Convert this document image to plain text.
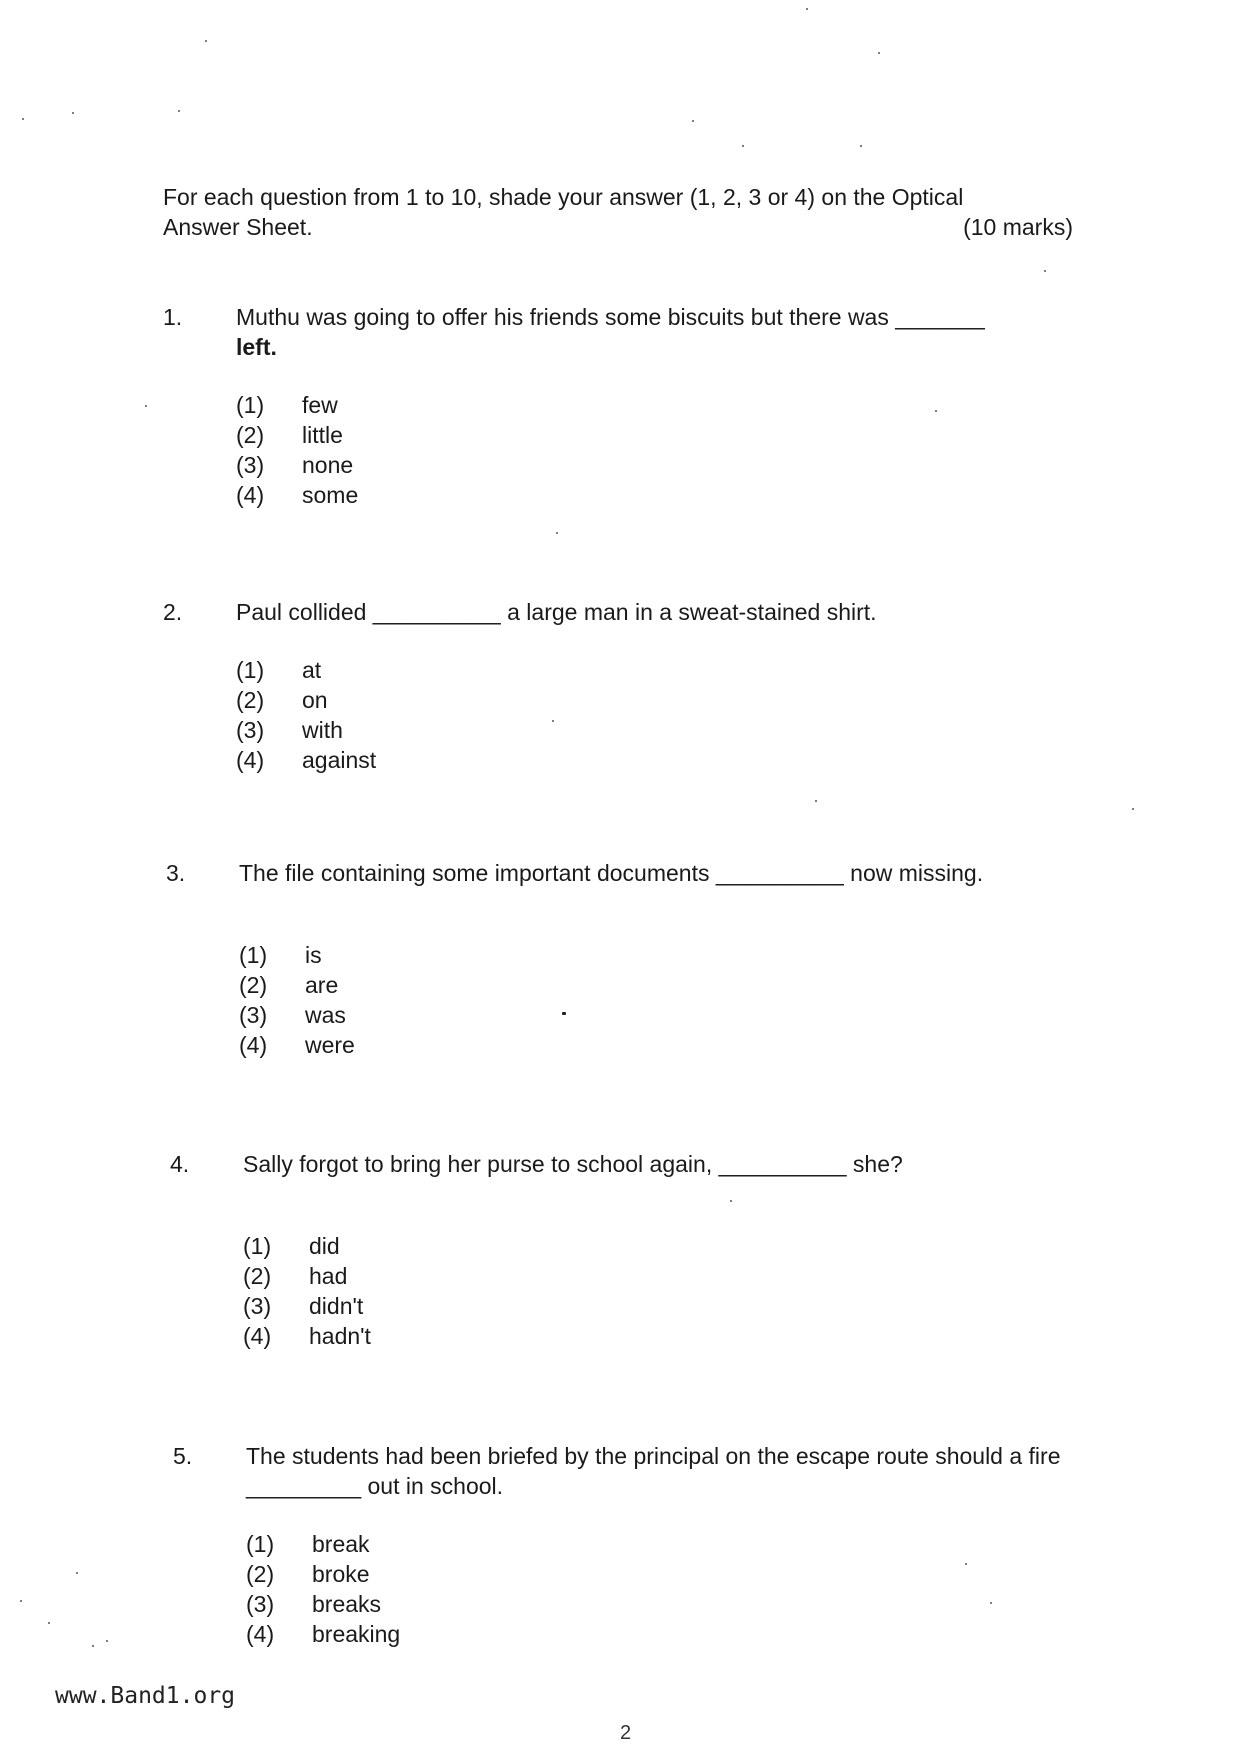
For each question from 1 to 10, shade your answer (1, 2, 3 or 4) on the Optical
Answer Sheet.	(10 marks)
1.	Muthu was going to offer his friends some biscuits but there was _______
left.
(1)	few
(2)	little
(3)	none
(4)	some
2.	Paul collided __________ a large man in a sweat-stained shirt.
(1)	at
(2)	on
(3)	with
(4)	against
3.	The file containing some important documents __________ now missing.
(1)	is
(2)	are
(3)	was
(4)	were
4.	Sally forgot to bring her purse to school again, __________ she?
(1)	did
(2)	had
(3)	didn't
(4)	hadn't
5.	The students had been briefed by the principal on the escape route should a fire _________ out in school.
(1)	break
(2)	broke
(3)	breaks
(4)	breaking
www.Band1.org
2
